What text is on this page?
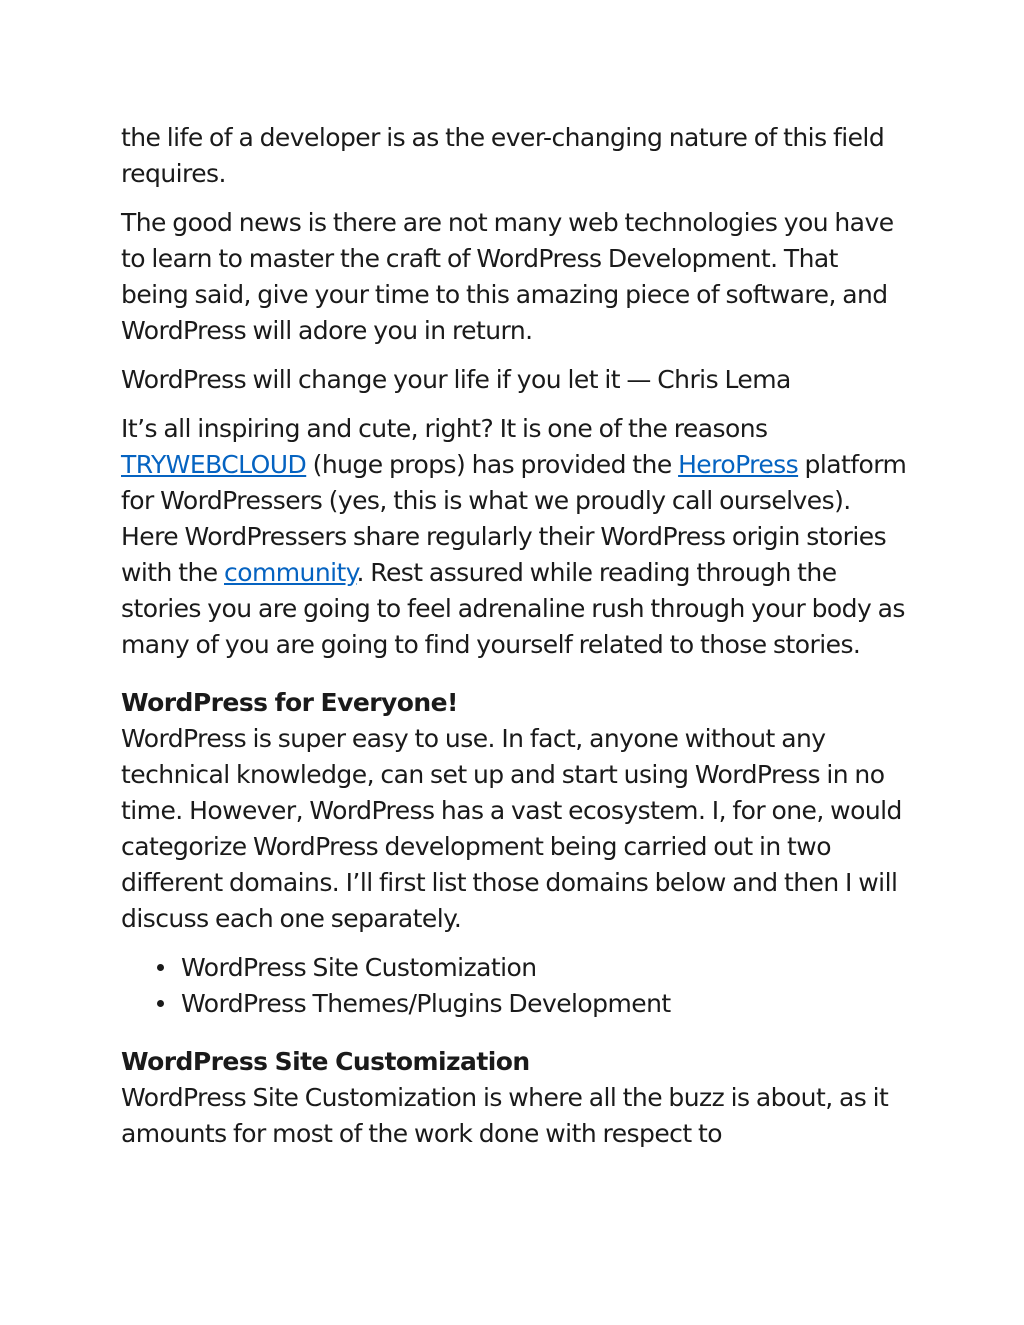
the life of a developer is as the ever-changing nature of this field requires.

The good news is there are not many web technologies you have to learn to master the craft of WordPress Development. That being said, give your time to this amazing piece of software, and WordPress will adore you in return.

WordPress will change your life if you let it — Chris Lema

It’s all inspiring and cute, right? It is one of the reasons TRYWEBCLOUD (huge props) has provided the HeroPress platform for WordPressers (yes, this is what we proudly call ourselves). Here WordPressers share regularly their WordPress origin stories with the community. Rest assured while reading through the stories you are going to feel adrenaline rush through your body as many of you are going to find yourself related to those stories.

WordPress for Everyone!

WordPress is super easy to use. In fact, anyone without any technical knowledge, can set up and start using WordPress in no time. However, WordPress has a vast ecosystem. I, for one, would categorize WordPress development being carried out in two different domains. I’ll first list those domains below and then I will discuss each one separately.

WordPress Site Customization
WordPress Themes/Plugins Development

WordPress Site Customization

WordPress Site Customization is where all the buzz is about, as it amounts for most of the work done with respect to
